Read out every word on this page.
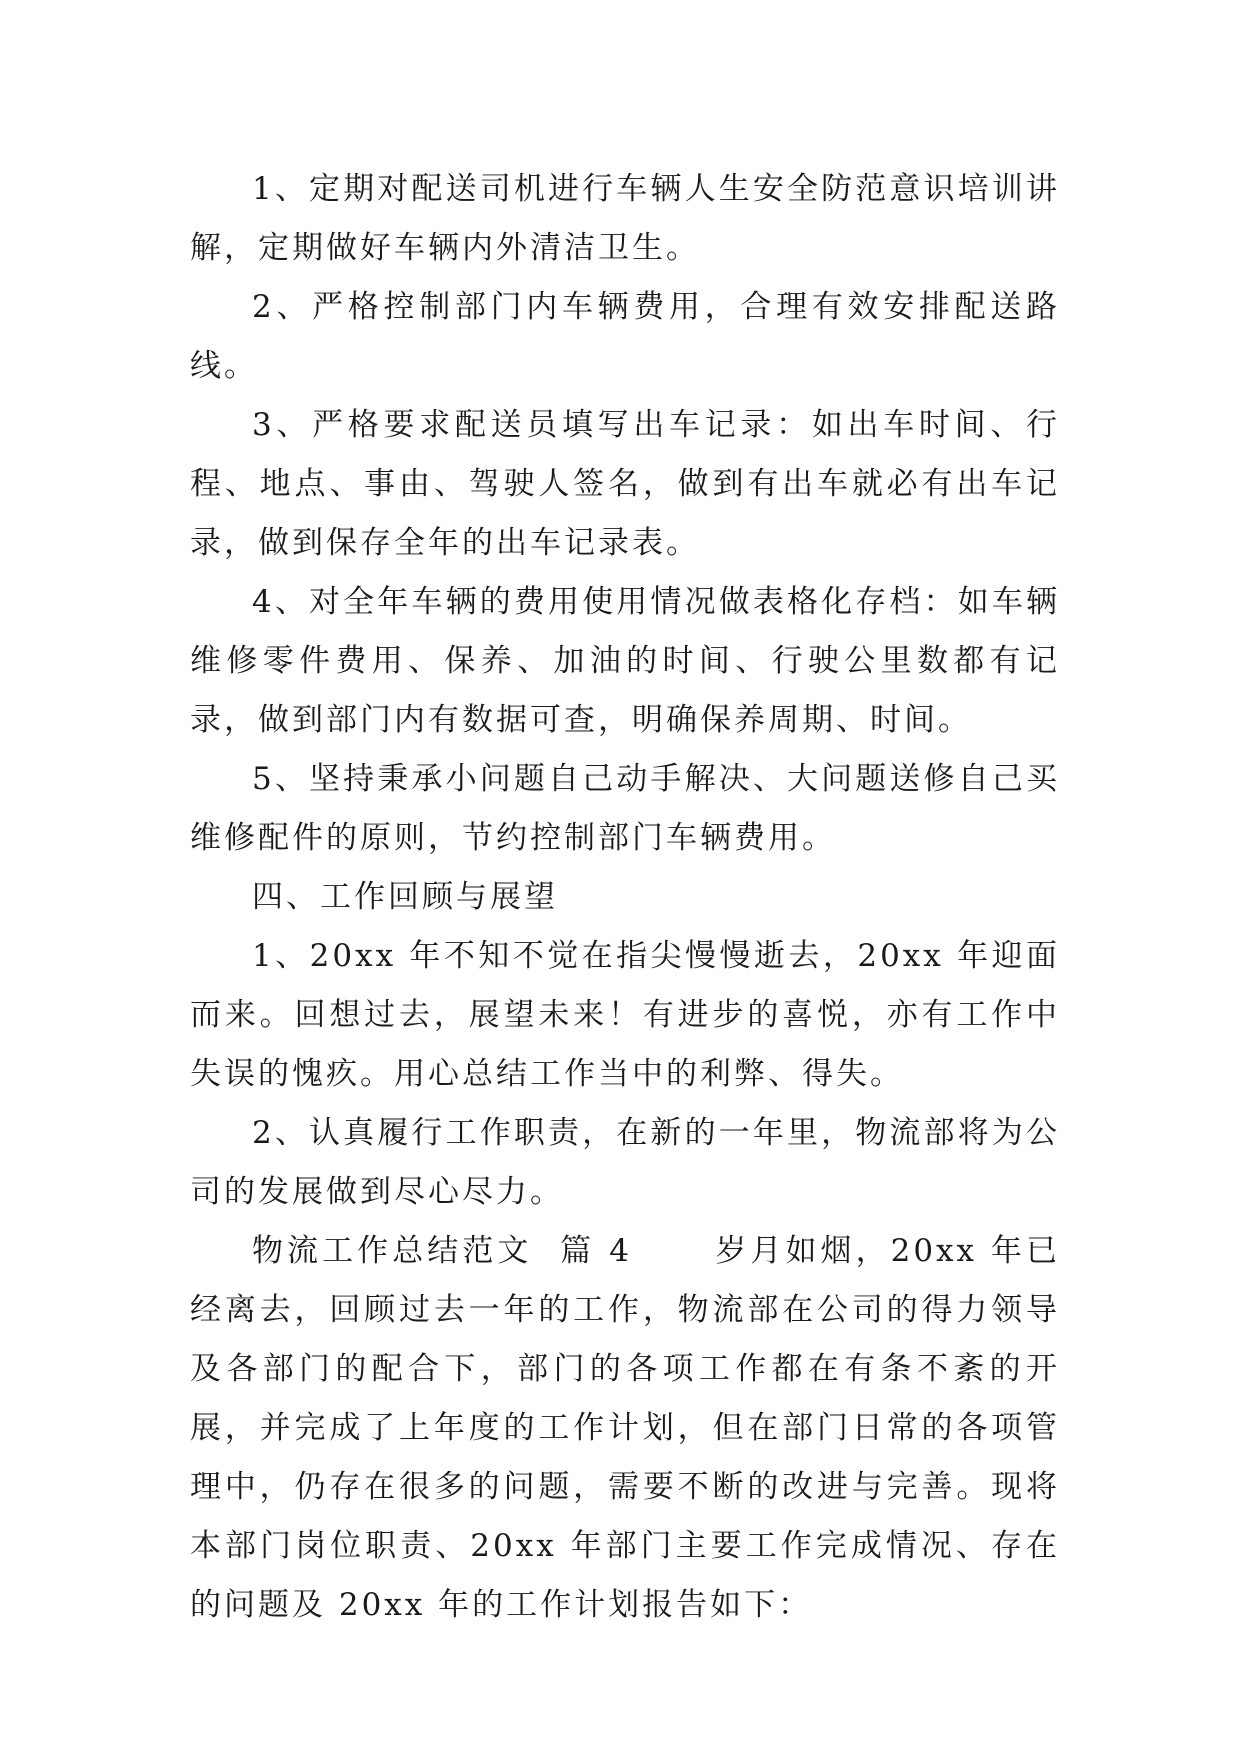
1、定期对配送司机进行车辆人生安全防范意识培训讲解，定期做好车辆内外清洁卫生。

2、严格控制部门内车辆费用，合理有效安排配送路线。

3、严格要求配送员填写出车记录：如出车时间、行程、地点、事由、驾驶人签名，做到有出车就必有出车记录，做到保存全年的出车记录表。

4、对全年车辆的费用使用情况做表格化存档：如车辆维修零件费用、保养、加油的时间、行驶公里数都有记录，做到部门内有数据可查，明确保养周期、时间。

5、坚持秉承小问题自己动手解决、大问题送修自己买维修配件的原则，节约控制部门车辆费用。

四、工作回顾与展望

1、20xx 年不知不觉在指尖慢慢逝去，20xx 年迎面而来。回想过去，展望未来！有进步的喜悦，亦有工作中失误的愧疚。用心总结工作当中的利弊、得失。

2、认真履行工作职责，在新的一年里，物流部将为公司的发展做到尽心尽力。

物流工作总结范文  篇 4      岁月如烟，20xx 年已经离去，回顾过去一年的工作，物流部在公司的得力领导及各部门的配合下，部门的各项工作都在有条不紊的开展，并完成了上年度的工作计划，但在部门日常的各项管理中，仍存在很多的问题，需要不断的改进与完善。现将本部门岗位职责、20xx 年部门主要工作完成情况、存在的问题及 20xx 年的工作计划报告如下：
